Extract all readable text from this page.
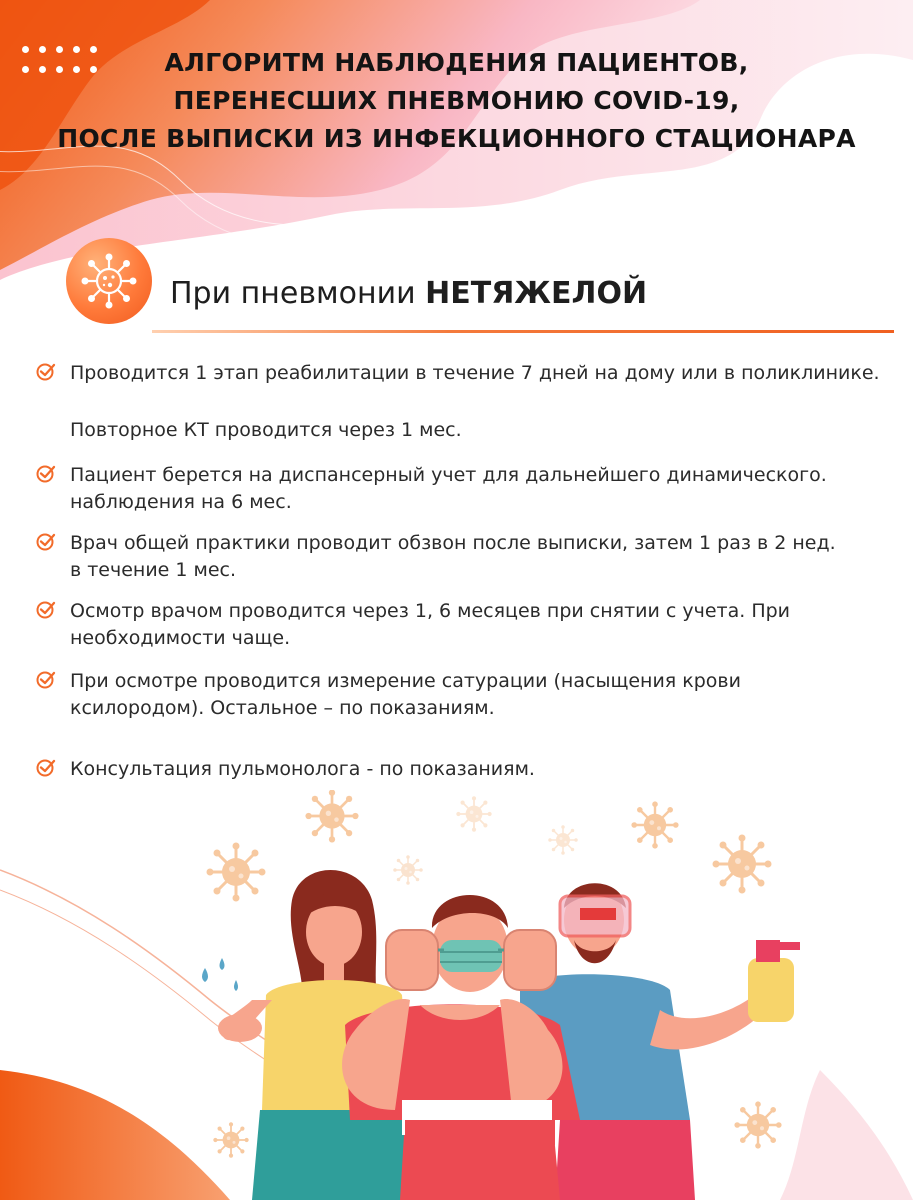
АЛГОРИТМ НАБЛЮДЕНИЯ ПАЦИЕНТОВ,
ПЕРЕНЕСШИХ ПНЕВМОНИЮ COVID-19,
ПОСЛЕ ВЫПИСКИ ИЗ ИНФЕКЦИОННОГО СТАЦИОНАРА
При пневмонии НЕТЯЖЕЛОЙ
Проводится 1 этап реабилитации в течение 7 дней на дому или в поликлинике.
Повторное КТ проводится через 1 мес.
Пациент берется на диспансерный учет для дальнейшего динамического.
наблюдения на 6 мес.
Врач общей практики проводит обзвон после выписки, затем 1 раз в 2 нед.
в течение 1 мес.
Осмотр врачом проводится через 1, 6 месяцев при снятии с учета. При
необходимости чаще.
При осмотре проводится измерение сатурации (насыщения крови
ксилородом). Остальное – по показаниям.
Консультация пульмонолога - по показаниям.
